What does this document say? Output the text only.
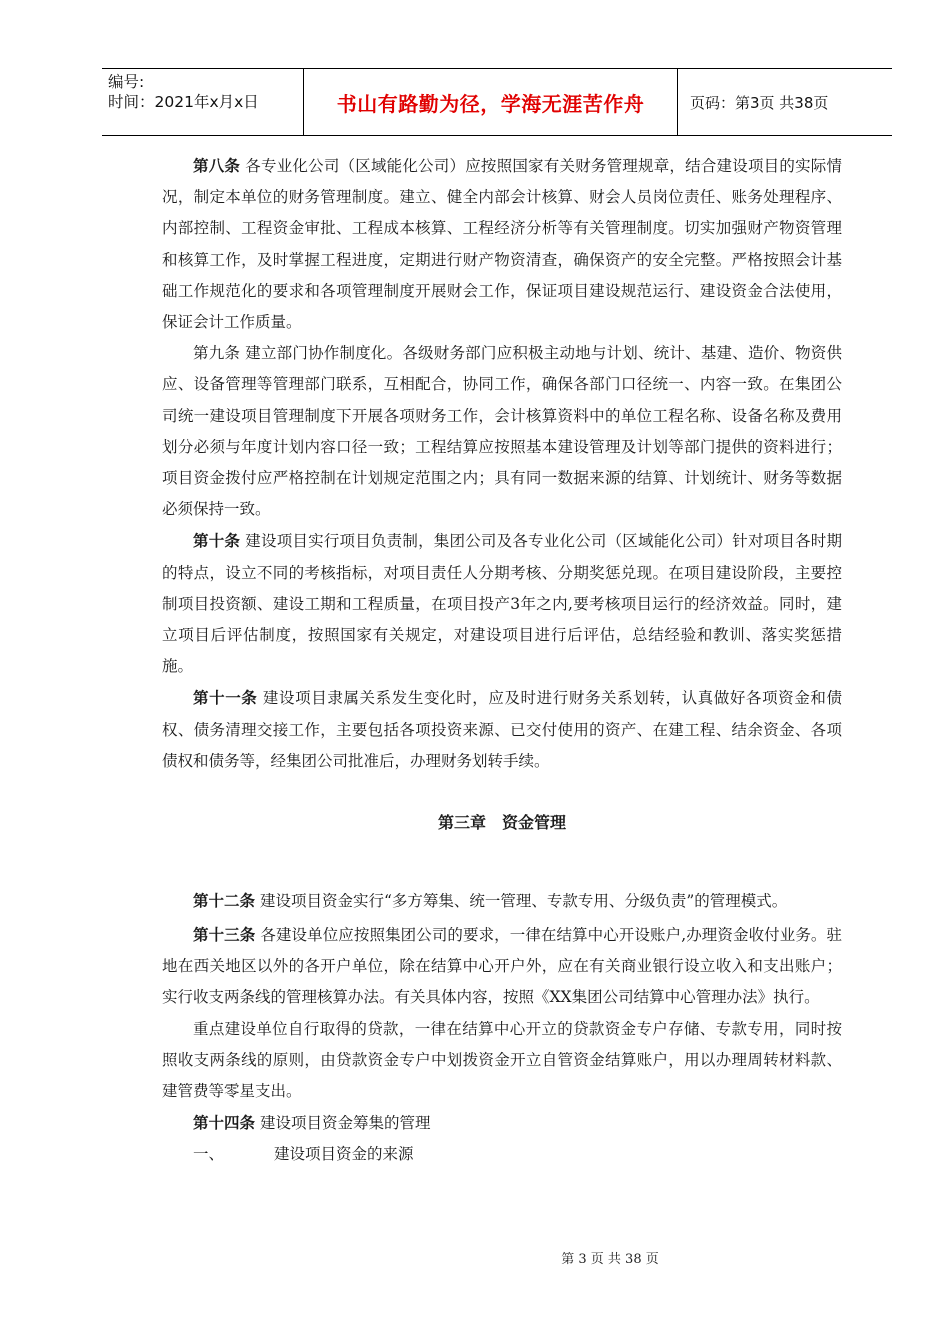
编号:
时间：2021年x月x日	书山有路勤为径，学海无涯苦作舟	页码：第3页 共38页

第八条 各专业化公司（区域能化公司）应按照国家有关财务管理规章，结合建设项目的实际情况，制定本单位的财务管理制度。建立、健全内部会计核算、财会人员岗位责任、账务处理程序、内部控制、工程资金审批、工程成本核算、工程经济分析等有关管理制度。切实加强财产物资管理和核算工作，及时掌握工程进度，定期进行财产物资清查，确保资产的安全完整。严格按照会计基础工作规范化的要求和各项管理制度开展财会工作，保证项目建设规范运行、建设资金合法使用，保证会计工作质量。

第九条 建立部门协作制度化。各级财务部门应积极主动地与计划、统计、基建、造价、物资供应、设备管理等管理部门联系，互相配合，协同工作，确保各部门口径统一、内容一致。在集团公司统一建设项目管理制度下开展各项财务工作，会计核算资料中的单位工程名称、设备名称及费用划分必须与年度计划内容口径一致；工程结算应按照基本建设管理及计划等部门提供的资料进行；项目资金拨付应严格控制在计划规定范围之内；具有同一数据来源的结算、计划统计、财务等数据必须保持一致。

第十条 建设项目实行项目负责制，集团公司及各专业化公司（区域能化公司）针对项目各时期的特点，设立不同的考核指标，对项目责任人分期考核、分期奖惩兑现。在项目建设阶段，主要控制项目投资额、建设工期和工程质量，在项目投产3年之内,要考核项目运行的经济效益。同时，建立项目后评估制度，按照国家有关规定，对建设项目进行后评估，总结经验和教训、落实奖惩措施。

第十一条 建设项目隶属关系发生变化时，应及时进行财务关系划转，认真做好各项资金和债权、债务清理交接工作，主要包括各项投资来源、已交付使用的资产、在建工程、结余资金、各项债权和债务等，经集团公司批准后，办理财务划转手续。

第三章　资金管理

第十二条 建设项目资金实行“多方筹集、统一管理、专款专用、分级负责”的管理模式。

第十三条 各建设单位应按照集团公司的要求，一律在结算中心开设账户,办理资金收付业务。驻地在西关地区以外的各开户单位，除在结算中心开户外，应在有关商业银行设立收入和支出账户；实行收支两条线的管理核算办法。有关具体内容，按照《XX集团公司结算中心管理办法》执行。

重点建设单位自行取得的贷款，一律在结算中心开立的贷款资金专户存储、专款专用，同时按照收支两条线的原则，由贷款资金专户中划拨资金开立自管资金结算账户，用以办理周转材料款、建管费等零星支出。

第十四条 建设项目资金筹集的管理

一、	建设项目资金的来源

第 3 页 共 38 页
